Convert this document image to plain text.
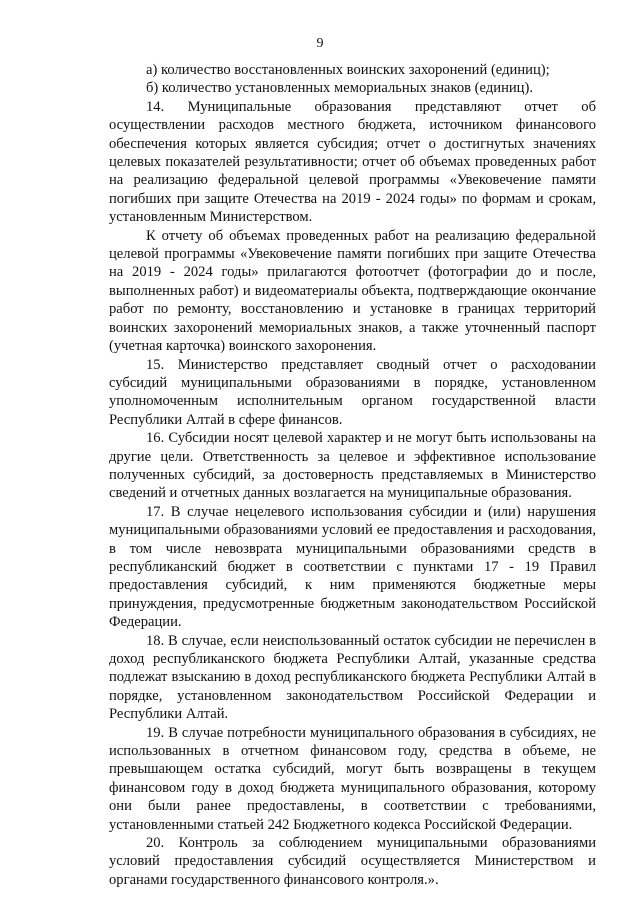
9

а) количество восстановленных воинских захоронений (единиц);

б) количество установленных мемориальных знаков (единиц).

14. Муниципальные образования представляют отчет об осуществлении расходов местного бюджета, источником финансового обеспечения которых является субсидия; отчет о достигнутых значениях целевых показателей результативности; отчет об объемах проведенных работ на реализацию федеральной целевой программы «Увековечение памяти погибших при защите Отечества на 2019 - 2024 годы» по формам и срокам, установленным Министерством.

К отчету об объемах проведенных работ на реализацию федеральной целевой программы «Увековечение памяти погибших при защите Отечества на 2019 - 2024 годы» прилагаются фотоотчет (фотографии до и после, выполненных работ) и видеоматериалы объекта, подтверждающие окончание работ по ремонту, восстановлению и установке в границах территорий воинских захоронений мемориальных знаков, а также уточненный паспорт (учетная карточка) воинского захоронения.

15. Министерство представляет сводный отчет о расходовании субсидий муниципальными образованиями в порядке, установленном уполномоченным исполнительным органом государственной власти Республики Алтай в сфере финансов.

16. Субсидии носят целевой характер и не могут быть использованы на другие цели. Ответственность за целевое и эффективное использование полученных субсидий, за достоверность представляемых в Министерство сведений и отчетных данных возлагается на муниципальные образования.

17. В случае нецелевого использования субсидии и (или) нарушения муниципальными образованиями условий ее предоставления и расходования, в том числе невозврата муниципальными образованиями средств в республиканский бюджет в соответствии с пунктами 17 - 19 Правил предоставления субсидий, к ним применяются бюджетные меры принуждения, предусмотренные бюджетным законодательством Российской Федерации.

18. В случае, если неиспользованный остаток субсидии не перечислен в доход республиканского бюджета Республики Алтай, указанные средства подлежат взысканию в доход республиканского бюджета Республики Алтай в порядке, установленном законодательством Российской Федерации и Республики Алтай.

19. В случае потребности муниципального образования в субсидиях, не использованных в отчетном финансовом году, средства в объеме, не превышающем остатка субсидий, могут быть возвращены в текущем финансовом году в доход бюджета муниципального образования, которому они были ранее предоставлены, в соответствии с требованиями, установленными статьей 242 Бюджетного кодекса Российской Федерации.

20. Контроль за соблюдением муниципальными образованиями условий предоставления субсидий осуществляется Министерством и органами государственного финансового контроля.».
